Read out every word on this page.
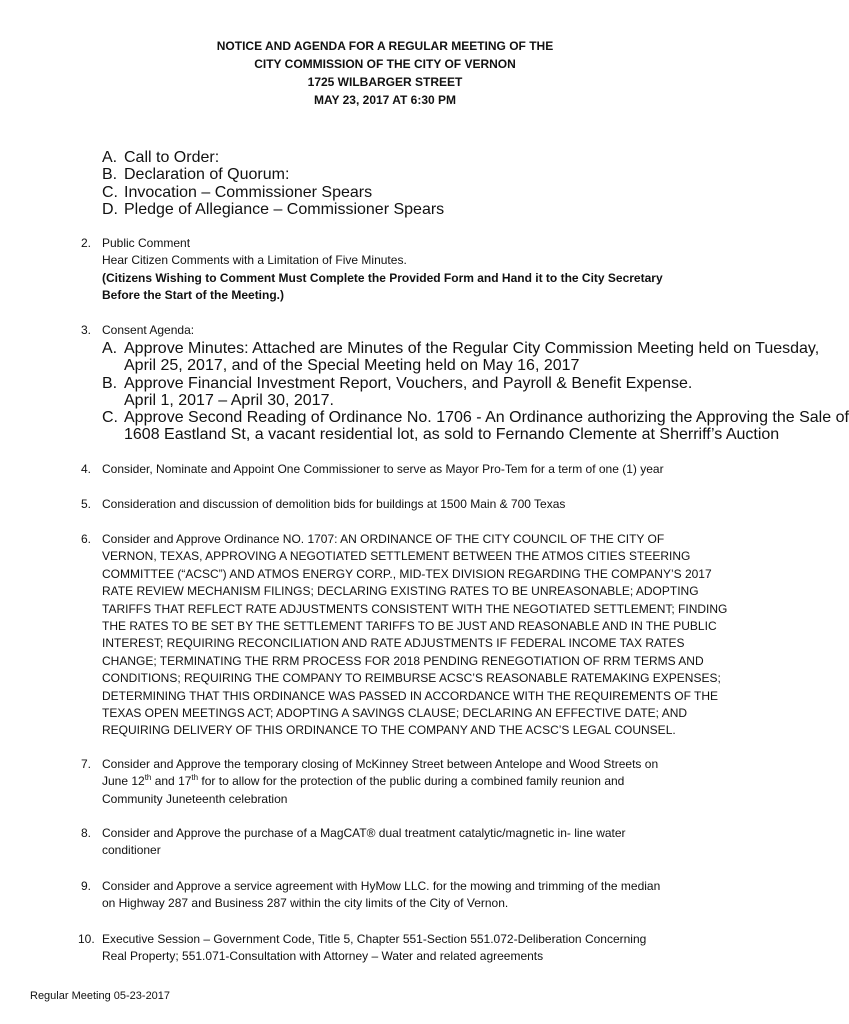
NOTICE AND AGENDA FOR A REGULAR MEETING OF THE
CITY COMMISSION OF THE CITY OF VERNON
1725 WILBARGER STREET
MAY 23, 2017 AT 6:30 PM
A. Call to Order:
B. Declaration of Quorum:
C. Invocation – Commissioner Spears
D. Pledge of Allegiance – Commissioner Spears
2. Public Comment
Hear Citizen Comments with a Limitation of Five Minutes.
(Citizens Wishing to Comment Must Complete the Provided Form and Hand it to the City Secretary
Before the Start of the Meeting.)
3. Consent Agenda:
A. Approve Minutes: Attached are Minutes of the Regular City Commission Meeting held on Tuesday,
April 25, 2017, and of the Special Meeting held on May 16, 2017
B. Approve Financial Investment Report, Vouchers, and Payroll & Benefit Expense.
April 1, 2017 – April 30, 2017.
C. Approve Second Reading of Ordinance No. 1706 - An Ordinance authorizing the Approving the Sale of
1608 Eastland St, a vacant residential lot, as sold to Fernando Clemente at Sherriff’s Auction
4. Consider, Nominate and Appoint One Commissioner to serve as Mayor Pro-Tem for a term of one (1) year
5. Consideration and discussion of demolition bids for buildings at 1500 Main & 700 Texas
6. Consider and Approve Ordinance NO. 1707: AN ORDINANCE OF THE CITY COUNCIL OF THE CITY OF
VERNON, TEXAS, APPROVING A NEGOTIATED SETTLEMENT BETWEEN THE ATMOS CITIES STEERING
COMMITTEE (“ACSC”) AND ATMOS ENERGY CORP., MID-TEX DIVISION REGARDING THE COMPANY’S 2017
RATE REVIEW MECHANISM FILINGS; DECLARING EXISTING RATES TO BE UNREASONABLE; ADOPTING
TARIFFS THAT REFLECT RATE ADJUSTMENTS CONSISTENT WITH THE NEGOTIATED SETTLEMENT; FINDING
THE RATES TO BE SET BY THE SETTLEMENT TARIFFS TO BE JUST AND REASONABLE AND IN THE PUBLIC
INTEREST; REQUIRING RECONCILIATION AND RATE ADJUSTMENTS IF FEDERAL INCOME TAX RATES
CHANGE; TERMINATING THE RRM PROCESS FOR 2018 PENDING RENEGOTIATION OF RRM TERMS AND
CONDITIONS; REQUIRING THE COMPANY TO REIMBURSE ACSC’S REASONABLE RATEMAKING EXPENSES;
DETERMINING THAT THIS ORDINANCE WAS PASSED IN ACCORDANCE WITH THE REQUIREMENTS OF THE
TEXAS OPEN MEETINGS ACT; ADOPTING A SAVINGS CLAUSE; DECLARING AN EFFECTIVE DATE; AND
REQUIRING DELIVERY OF THIS ORDINANCE TO THE COMPANY AND THE ACSC’S LEGAL COUNSEL.
7. Consider and Approve the temporary closing of McKinney Street between Antelope and Wood Streets on
June 12th and 17th for to allow for the protection of the public during a combined family reunion and
Community Juneteenth celebration
8. Consider and Approve the purchase of a MagCAT® dual treatment catalytic/magnetic in- line water
conditioner
9. Consider and Approve a service agreement with HyMow LLC. for the mowing and trimming of the median
on Highway 287 and Business 287 within the city limits of the City of Vernon.
10. Executive Session – Government Code, Title 5, Chapter 551-Section 551.072-Deliberation Concerning
Real Property; 551.071-Consultation with Attorney – Water and related agreements
Regular Meeting 05-23-2017
